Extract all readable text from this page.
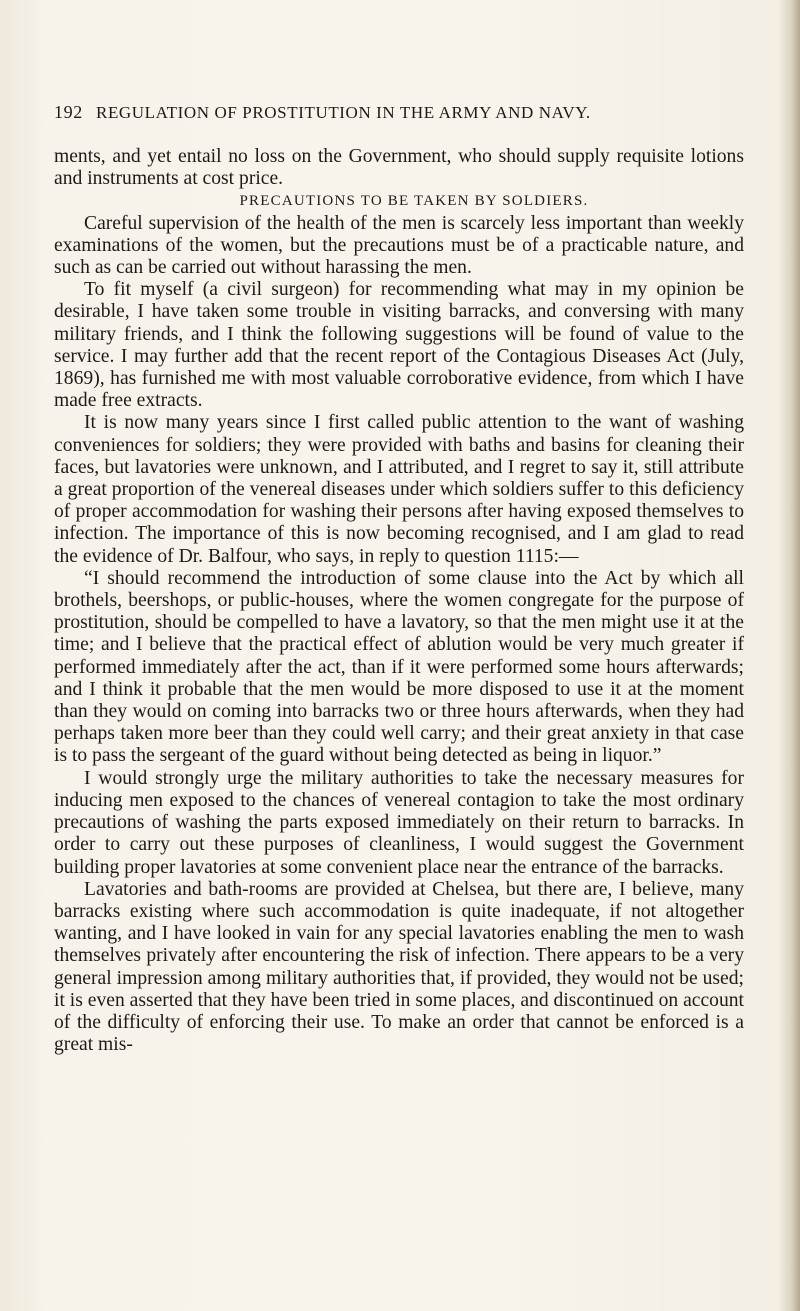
192 REGULATION OF PROSTITUTION IN THE ARMY AND NAVY.

ments, and yet entail no loss on the Government, who should supply requisite lotions and instruments at cost price.

PRECAUTIONS TO BE TAKEN BY SOLDIERS.

Careful supervision of the health of the men is scarcely less important than weekly examinations of the women, but the precautions must be of a practicable nature, and such as can be carried out without harassing the men.

To fit myself (a civil surgeon) for recommending what may in my opinion be desirable, I have taken some trouble in visiting barracks, and conversing with many military friends, and I think the following suggestions will be found of value to the service. I may further add that the recent report of the Contagious Diseases Act (July, 1869), has furnished me with most valuable corroborative evidence, from which I have made free extracts.

It is now many years since I first called public attention to the want of washing conveniences for soldiers; they were provided with baths and basins for cleaning their faces, but lavatories were unknown, and I attributed, and I regret to say it, still attribute a great proportion of the venereal diseases under which soldiers suffer to this deficiency of proper accommodation for washing their persons after having exposed themselves to infection. The importance of this is now becoming recognised, and I am glad to read the evidence of Dr. Balfour, who says, in reply to question 1115:—

“I should recommend the introduction of some clause into the Act by which all brothels, beershops, or public-houses, where the women congregate for the purpose of prostitution, should be compelled to have a lavatory, so that the men might use it at the time; and I believe that the practical effect of ablution would be very much greater if performed immediately after the act, than if it were performed some hours afterwards; and I think it probable that the men would be more disposed to use it at the moment than they would on coming into barracks two or three hours afterwards, when they had perhaps taken more beer than they could well carry; and their great anxiety in that case is to pass the sergeant of the guard without being detected as being in liquor.”

I would strongly urge the military authorities to take the necessary measures for inducing men exposed to the chances of venereal contagion to take the most ordinary precautions of washing the parts exposed immediately on their return to barracks. In order to carry out these purposes of cleanliness, I would suggest the Government building proper lavatories at some convenient place near the entrance of the barracks.

Lavatories and bath-rooms are provided at Chelsea, but there are, I believe, many barracks existing where such accommodation is quite inadequate, if not altogether wanting, and I have looked in vain for any special lavatories enabling the men to wash themselves privately after encountering the risk of infection. There appears to be a very general impression among military authorities that, if provided, they would not be used; it is even asserted that they have been tried in some places, and discontinued on account of the difficulty of enforcing their use. To make an order that cannot be enforced is a great mis-
